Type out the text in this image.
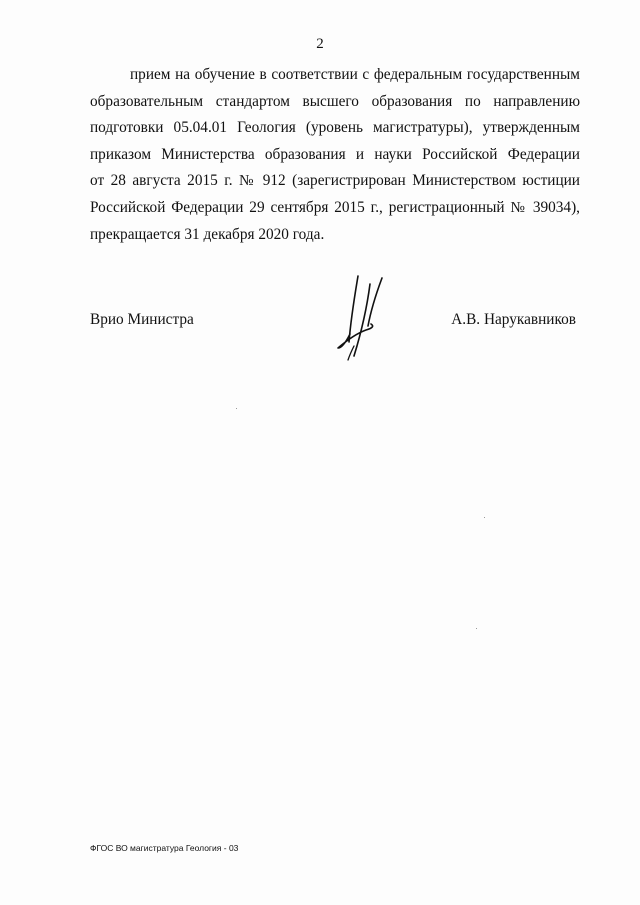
2
прием на обучение в соответствии с федеральным государственным
образовательным стандартом высшего образования по направлению
подготовки 05.04.01 Геология (уровень магистратуры), утвержденным
приказом Министерства образования и науки Российской Федерации
от 28 августа 2015 г. № 912 (зарегистрирован Министерством юстиции
Российской Федерации 29 сентября 2015 г., регистрационный № 39034),
прекращается 31 декабря 2020 года.
Врио Министра	А.В. Нарукавников
ФГОС ВО магистратура Геология - 03
